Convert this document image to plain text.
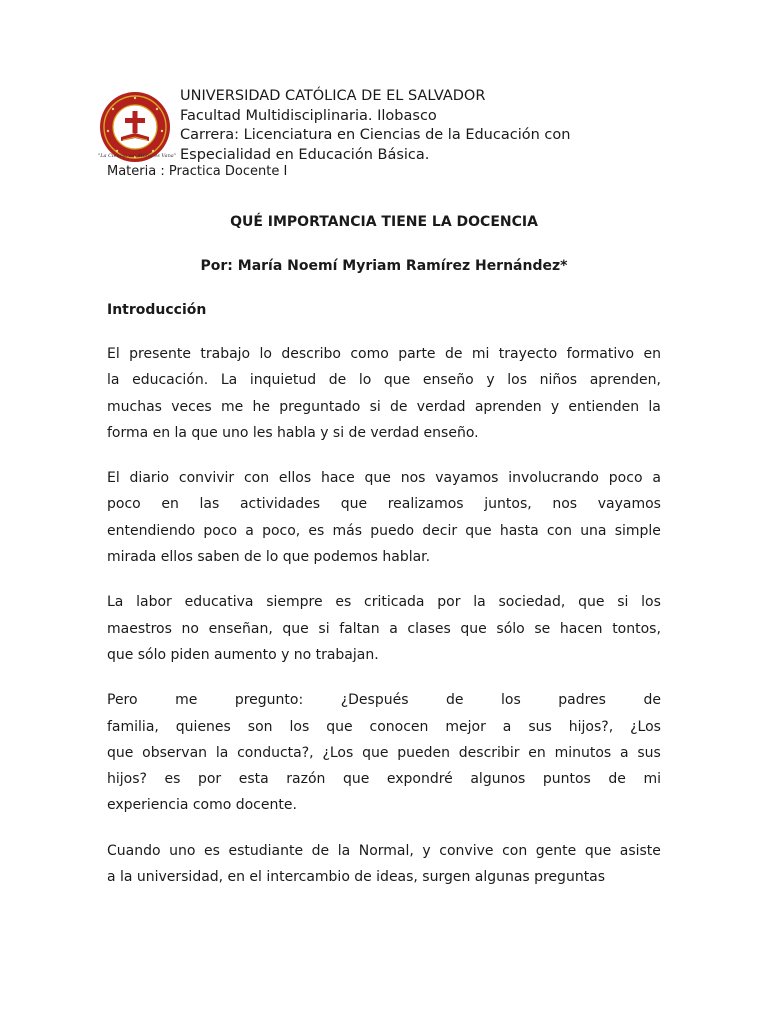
"La Ciencia sin Moral es Vana"
UNIVERSIDAD CATÓLICA DE EL SALVADOR
Facultad Multidisciplinaria. Ilobasco
Carrera: Licenciatura en Ciencias de la Educación con
Especialidad en Educación Básica.
Materia : Practica Docente I
QUÉ IMPORTANCIA TIENE LA DOCENCIA
Por: María Noemí Myriam Ramírez Hernández*
Introducción
El presente trabajo lo describo como parte de mi trayecto formativo en
la educación. La inquietud de lo que enseño y los niños aprenden,
muchas veces me he preguntado si de verdad aprenden y entienden la
forma en la que uno les habla y si de verdad enseño.
El diario convivir con ellos hace que nos vayamos involucrando poco a
poco en las actividades que realizamos juntos, nos vayamos
entendiendo poco a poco, es más puedo decir que hasta con una simple
mirada ellos saben de lo que podemos hablar.
La labor educativa siempre es criticada por la sociedad, que si los
maestros no enseñan, que si faltan a clases que sólo se hacen tontos,
que sólo piden aumento y no trabajan.
Pero	me	pregunto:	¿Después	de	los	padres	de
familia, quienes son los que conocen mejor a sus hijos?, ¿Los
que observan la conducta?, ¿Los que pueden describir en minutos a sus
hijos? es por esta razón que expondré algunos puntos de mi
experiencia como docente.
Cuando uno es estudiante de la Normal, y convive con gente que asiste
a la universidad, en el intercambio de ideas, surgen algunas preguntas
